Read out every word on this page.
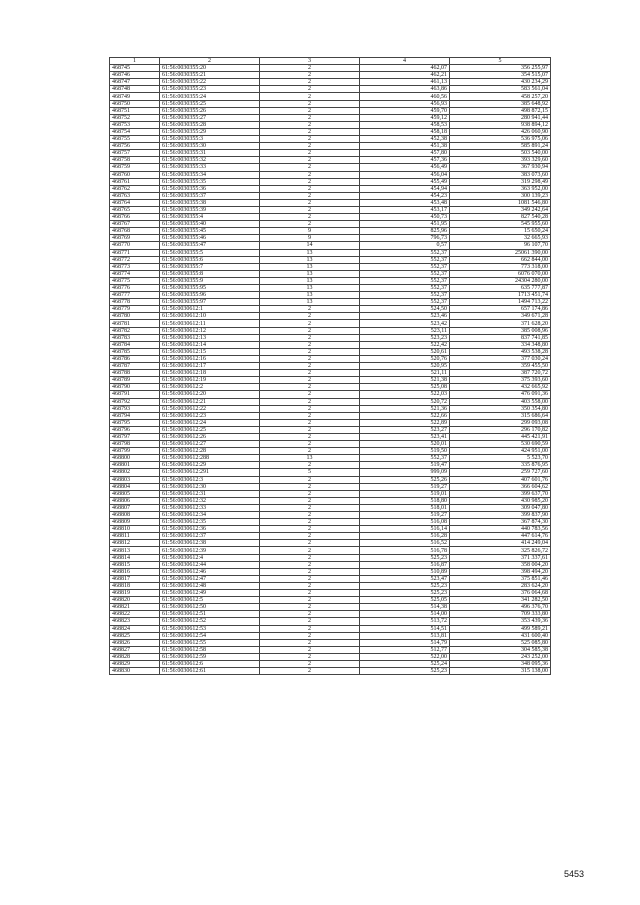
1	2	3	4	5
468745	61:56:0030355:20	2	462,07	356 255,97
468746	61:56:0030355:21	2	462,21	354 515,07
468747	61:56:0030355:22	2	461,13	430 234,29
468748	61:56:0030355:23	2	463,86	583 561,04
468749	61:56:0030355:24	2	460,56	458 257,20
468750	61:56:0030355:25	2	456,93	385 648,92
468751	61:56:0030355:26	2	459,70	498 872,15
468752	61:56:0030355:27	2	459,12	280 941,44
468753	61:56:0030355:28	2	458,53	938 894,12
468754	61:56:0030355:29	2	458,18	426 060,90
468755	61:56:0030355:3	2	452,38	536 975,06
468756	61:56:0030355:30	2	451,38	585 891,24
468757	61:56:0030355:31	2	457,80	503 540,00
468758	61:56:0030355:32	2	457,36	393 329,60
468759	61:56:0030355:33	2	456,49	367 930,94
468760	61:56:0030355:34	2	456,04	383 073,60
468761	61:56:0030355:35	2	455,49	319 298,49
468762	61:56:0030355:36	2	454,94	363 952,00
468763	61:56:0030355:37	2	454,23	300 139,23
468764	61:56:0030355:38	2	453,48	1081 546,80
468765	61:56:0030355:39	2	453,17	349 242,64
468766	61:56:0030355:4	2	450,73	827 540,28
468767	61:56:0030355:40	2	451,95	545 955,60
468768	61:56:0030355:45	9	825,96	15 650,24
468769	61:56:0030355:46	9	796,73	32 665,93
468770	61:56:0030355:47	14	0,57	96 107,70
468771	61:56:0030355:5	13	552,37	25061 390,00
468772	61:56:0030355:6	13	552,37	662 844,00
468773	61:56:0030355:7	13	552,37	773 318,00
468774	61:56:0030355:8	13	552,37	6076 070,00
468775	61:56:0030355:9	13	552,37	24304 280,00
468776	61:56:0030355:95	13	552,37	635 777,87
468777	61:56:0030355:96	13	552,37	1713 451,74
468778	61:56:0030355:97	13	552,37	1494 713,22
468779	61:56:0030612:1	2	524,50	657 174,86
468780	61:56:0030612:10	2	523,46	349 671,28
468781	61:56:0030612:11	2	523,42	371 628,20
468782	61:56:0030612:12	2	523,11	385 008,96
468783	61:56:0030612:13	2	523,23	837 741,85
468784	61:56:0030612:14	2	522,42	334 348,80
468785	61:56:0030612:15	2	520,61	493 538,28
468786	61:56:0030612:16	2	520,76	377 030,24
468787	61:56:0030612:17	2	520,95	359 455,50
468788	61:56:0030612:18	2	521,11	387 720,72
468789	61:56:0030612:19	2	521,38	375 393,60
468790	61:56:0030612:2	2	525,08	432 665,92
468791	61:56:0030612:20	2	522,03	476 091,36
468792	61:56:0030612:21	2	520,72	403 558,00
468793	61:56:0030612:22	2	521,36	350 354,80
468794	61:56:0030612:23	2	522,66	315 686,64
468795	61:56:0030612:24	2	522,89	299 093,08
468796	61:56:0030612:25	2	523,27	296 170,82
468797	61:56:0030612:26	2	523,41	445 421,91
468798	61:56:0030612:27	2	520,01	530 690,59
468799	61:56:0030612:28	2	519,50	424 951,00
468800	61:56:0030612:288	13	552,37	5 523,70
468801	61:56:0030612:29	2	519,47	335 876,95
468802	61:56:0030612:291	5	999,09	259 727,60
468803	61:56:0030612:3	2	525,26	407 601,76
468804	61:56:0030612:30	2	519,27	366 604,62
468805	61:56:0030612:31	2	519,01	399 637,70
468806	61:56:0030612:32	2	518,80	430 985,20
468807	61:56:0030612:33	2	518,01	309 047,80
468808	61:56:0030612:34	2	519,27	399 837,90
468809	61:56:0030612:35	2	516,08	367 874,30
468810	61:56:0030612:36	2	516,14	440 783,56
468811	61:56:0030612:37	2	516,28	447 614,76
468812	61:56:0030612:38	2	516,52	414 249,04
468813	61:56:0030612:39	2	516,78	325 826,72
468814	61:56:0030612:4	2	525,23	371 337,61
468815	61:56:0030612:44	2	516,87	358 004,20
468816	61:56:0030612:46	2	510,89	398 494,20
468817	61:56:0030612:47	2	523,47	375 851,46
468818	61:56:0030612:48	2	525,23	283 624,20
468819	61:56:0030612:49	2	525,23	376 064,68
468820	61:56:0030612:5	2	525,05	341 282,50
468821	61:56:0030612:50	2	514,38	496 376,70
468822	61:56:0030612:51	2	514,00	709 333,80
468823	61:56:0030612:52	2	513,72	353 439,36
468824	61:56:0030612:53	2	514,51	499 589,21
468825	61:56:0030612:54	2	513,81	431 600,40
468826	61:56:0030612:55	2	514,79	525 085,80
468827	61:56:0030612:58	2	512,77	304 585,38
468828	61:56:0030612:59	2	522,00	243 252,00
468829	61:56:0030612:6	2	525,24	348 095,36
468830	61:56:0030612:61	2	525,23	315 138,00
5453
